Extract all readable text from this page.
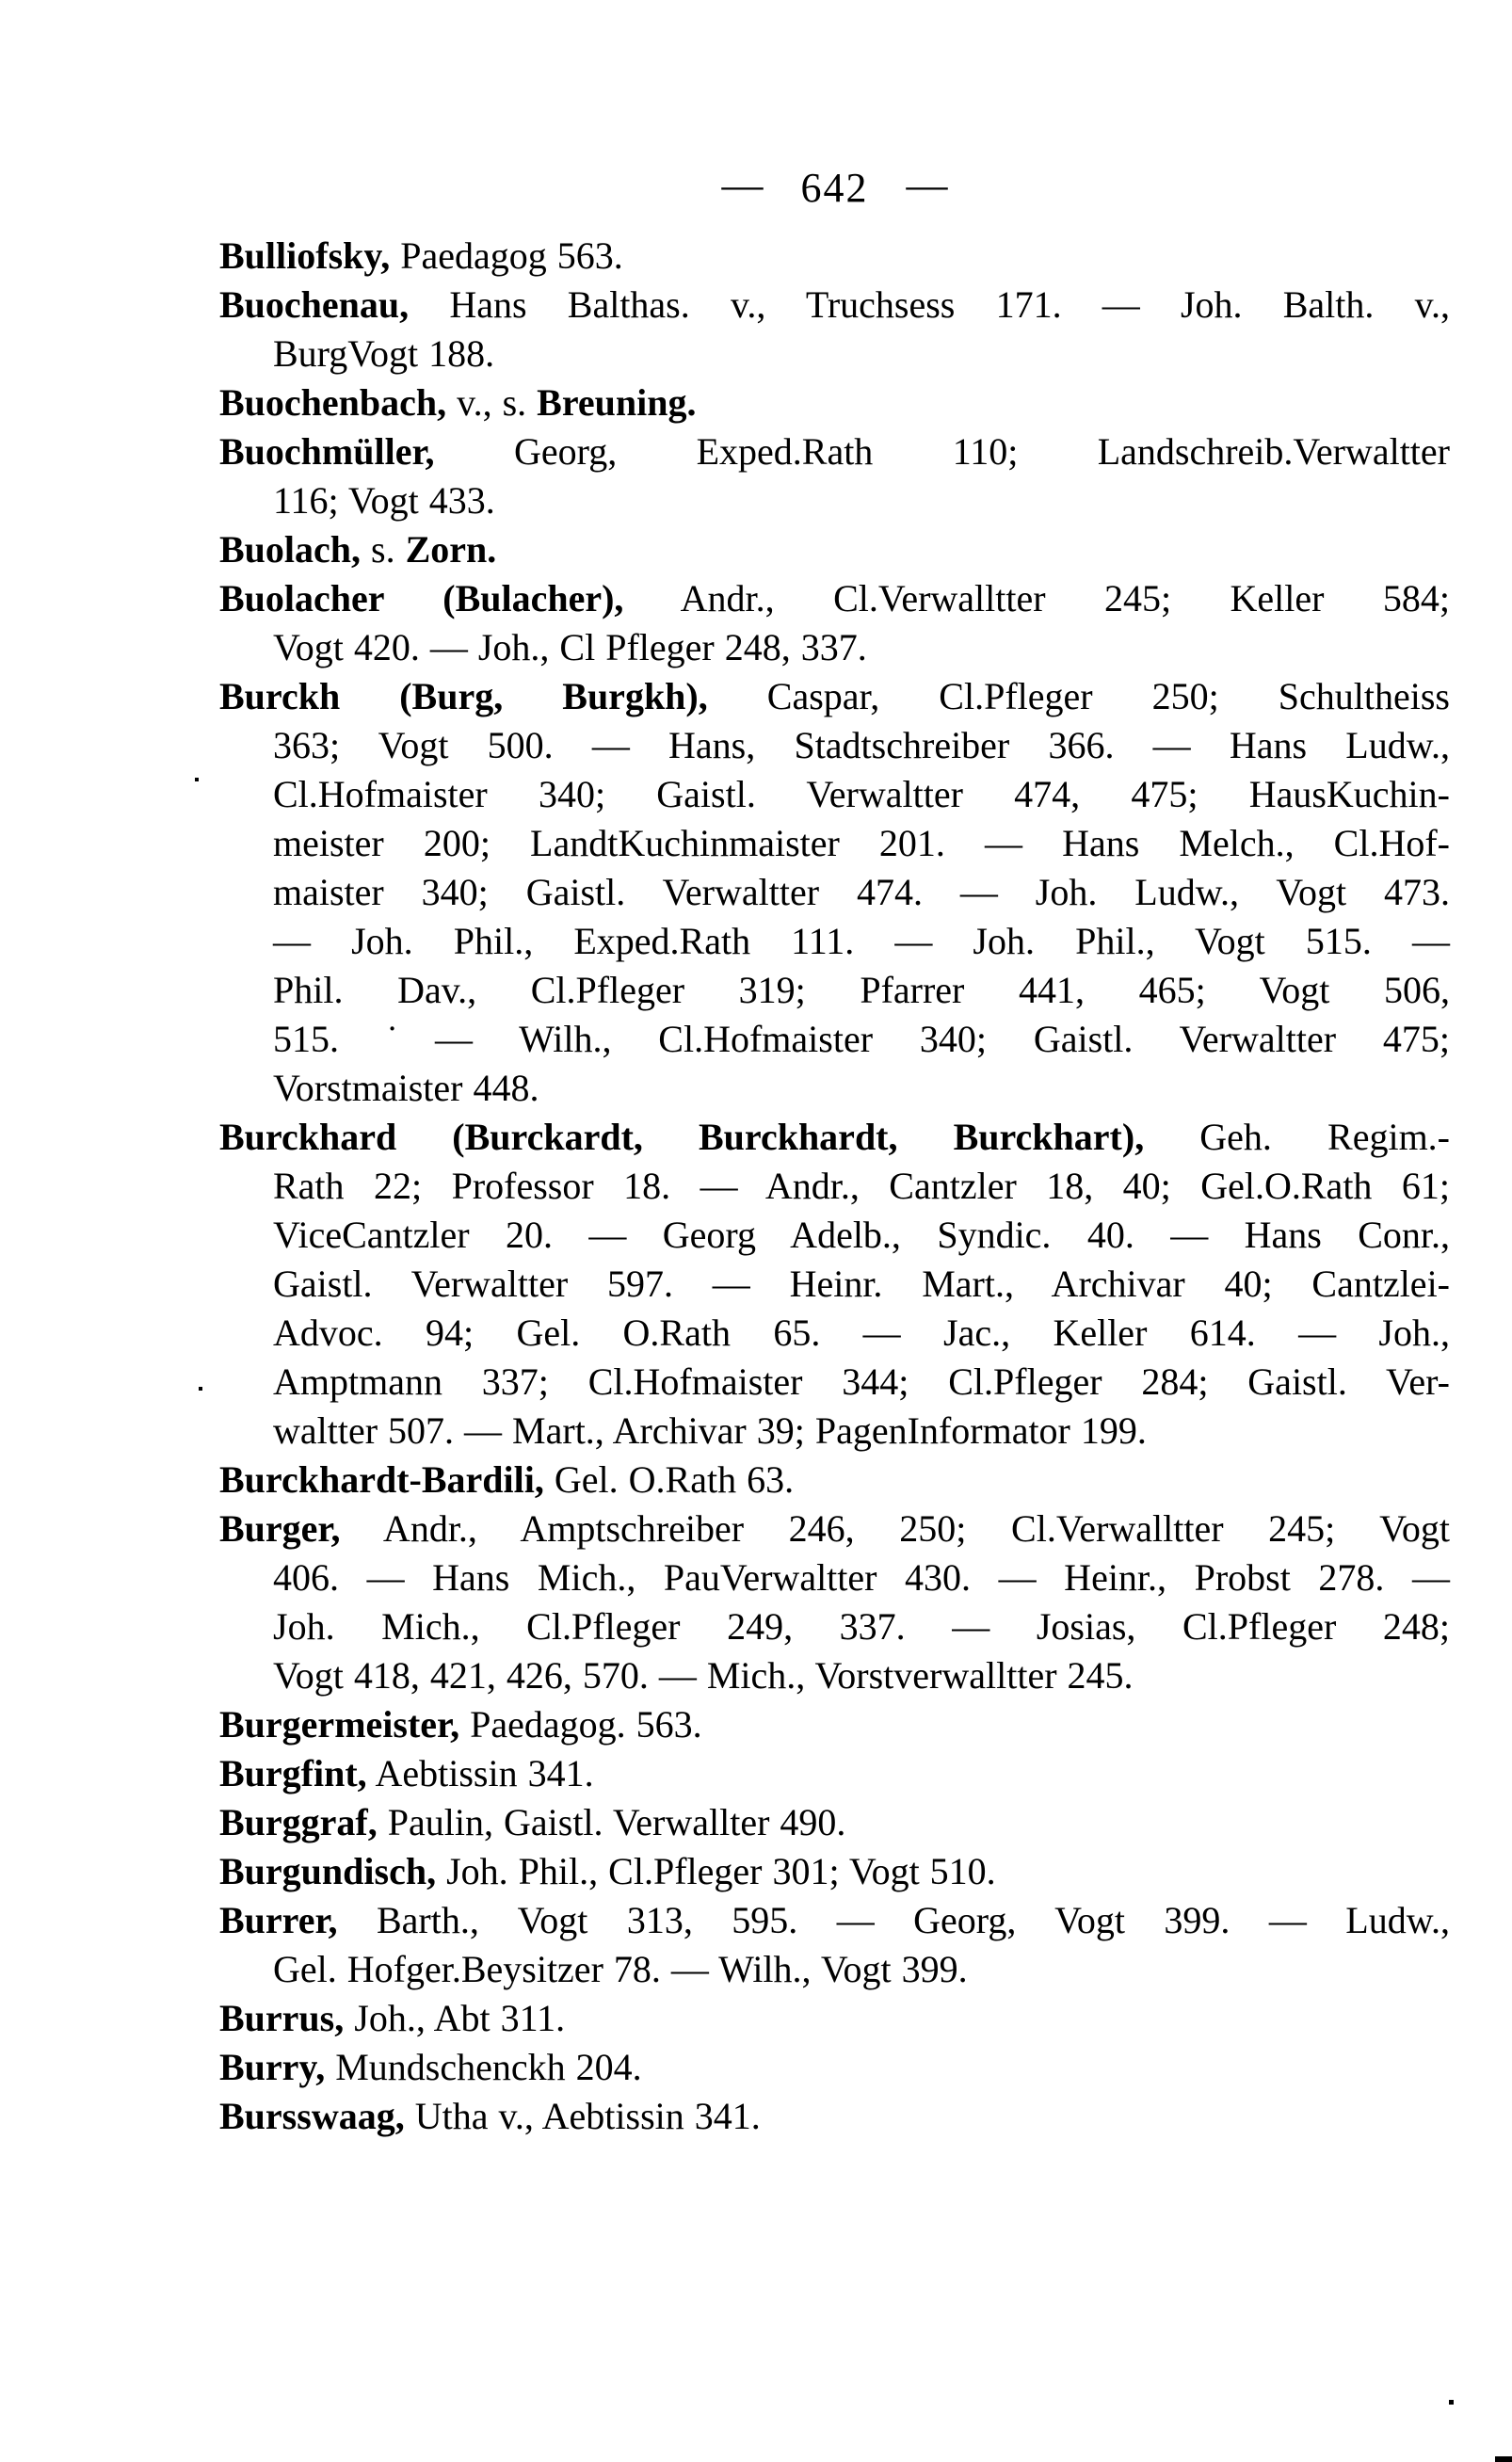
— 642 —

Bulliofsky, Paedagog 563.

Buochenau, Hans Balthas. v., Truchsess 171. — Joh. Balth. v.,
BurgVogt 188.

Buochenbach, v., s. Breuning.

Buochmüller, Georg, Exped.Rath 110; Landschreib.Verwaltter
116; Vogt 433.

Buolach, s. Zorn.

Buolacher (Bulacher), Andr., Cl.Verwalltter 245; Keller 584;
Vogt 420. — Joh., Cl Pfleger 248, 337.

Burckh (Burg, Burgkh), Caspar, Cl.Pfleger 250; Schultheiss
363; Vogt 500. — Hans, Stadtschreiber 366. — Hans Ludw.,
Cl.Hofmaister 340; Gaistl. Verwaltter 474, 475; HausKuchin-
meister 200; LandtKuchinmaister 201. — Hans Melch., Cl.Hof-
maister 340; Gaistl. Verwaltter 474. — Joh. Ludw., Vogt 473.
— Joh. Phil., Exped.Rath 111. — Joh. Phil., Vogt 515. —
Phil. Dav., Cl.Pfleger 319; Pfarrer 441, 465; Vogt 506,
515. ˙— Wilh., Cl.Hofmaister 340; Gaistl. Verwaltter 475;
Vorstmaister 448.

Burckhard (Burckardt, Burckhardt, Burckhart), Geh. Regim.-
Rath 22; Professor 18. — Andr., Cantzler 18, 40; Gel.O.Rath 61;
ViceCantzler 20. — Georg Adelb., Syndic. 40. — Hans Conr.,
Gaistl. Verwaltter 597. — Heinr. Mart., Archivar 40; Cantzlei-
Advoc. 94; Gel. O.Rath 65. — Jac., Keller 614. — Joh.,
Amptmann 337; Cl.Hofmaister 344; Cl.Pfleger 284; Gaistl. Ver-
waltter 507. — Mart., Archivar 39; PagenInformator 199.

Burckhardt-Bardili, Gel. O.Rath 63.

Burger, Andr., Amptschreiber 246, 250; Cl.Verwalltter 245; Vogt
406. — Hans Mich., PauVerwaltter 430. — Heinr., Probst 278. —
Joh. Mich., Cl.Pfleger 249, 337. — Josias, Cl.Pfleger 248;
Vogt 418, 421, 426, 570. — Mich., Vorstverwalltter 245.

Burgermeister, Paedagog. 563.

Burgfint, Aebtissin 341.

Burggraf, Paulin, Gaistl. Verwallter 490.

Burgundisch, Joh. Phil., Cl.Pfleger 301; Vogt 510.

Burrer, Barth., Vogt 313, 595. — Georg, Vogt 399. — Ludw.,
Gel. Hofger.Beysitzer 78. — Wilh., Vogt 399.

Burrus, Joh., Abt 311.

Burry, Mundschenckh 204.

Bursswaag, Utha v., Aebtissin 341.
